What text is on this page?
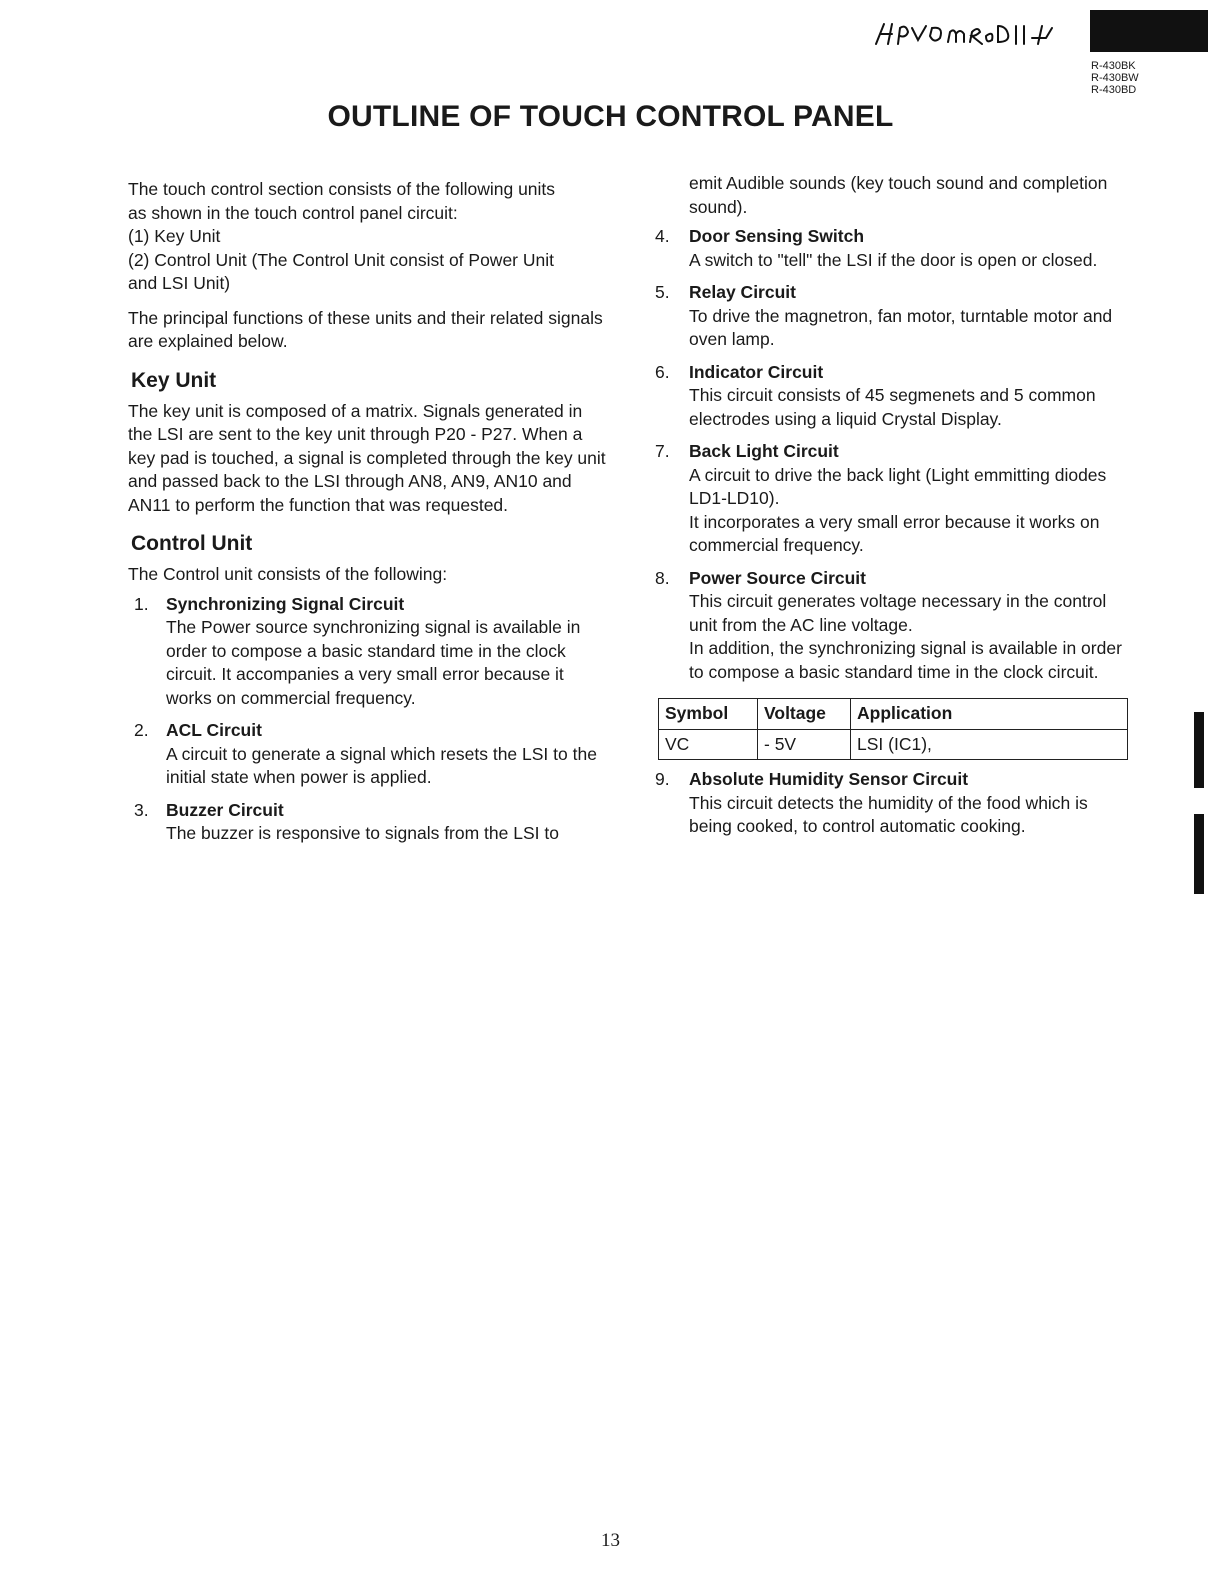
R-430BK
R-430BW
R-430BD
OUTLINE OF TOUCH CONTROL PANEL

The touch control section consists of the following units

as shown in the touch control panel circuit:

(1) Key Unit

(2) Control Unit (The Control Unit consist of Power Unit

and LSI Unit)

The principal functions of these units and their related signals are explained below.

Key Unit

The key unit is composed of a matrix. Signals generated in the LSI are sent to the key unit through P20 - P27. When a key pad is touched, a signal is completed through the key unit and passed back to the LSI through AN8, AN9, AN10 and AN11 to perform the function that was requested.

Control Unit

The Control unit consists of the following:

1. Synchronizing Signal Circuit
The Power source synchronizing signal is available in order to compose a basic standard time in the clock circuit. It accompanies a very small error because it works on commercial frequency.
2. ACL Circuit
A circuit to generate a signal which resets the LSI to the initial state when power is applied.
3. Buzzer Circuit
The buzzer is responsive to signals from the LSI to

emit Audible sounds (key touch sound and completion sound).

4.	Door Sensing Switch
A switch to "tell" the LSI if the door is open or closed.
5.	Relay Circuit
To drive the magnetron, fan motor, turntable motor and oven lamp.
6.	Indicator Circuit
This circuit consists of 45 segmenets and 5 common electrodes using a liquid Crystal Display.
7.	Back Light Circuit
A circuit to drive the back light (Light emmitting diodes LD1-LD10).
It incorporates a very small error because it works on commercial frequency.
8.	Power Source Circuit
This circuit generates voltage necessary in the control unit from the AC line voltage.
In addition, the synchronizing signal is available in order to compose a basic standard time in the clock circuit.
Symbol	Voltage	Application
VC	- 5V	LSI (IC1),
9.	Absolute Humidity Sensor Circuit
This circuit detects the humidity of the food which is being cooked, to control automatic cooking.
13
